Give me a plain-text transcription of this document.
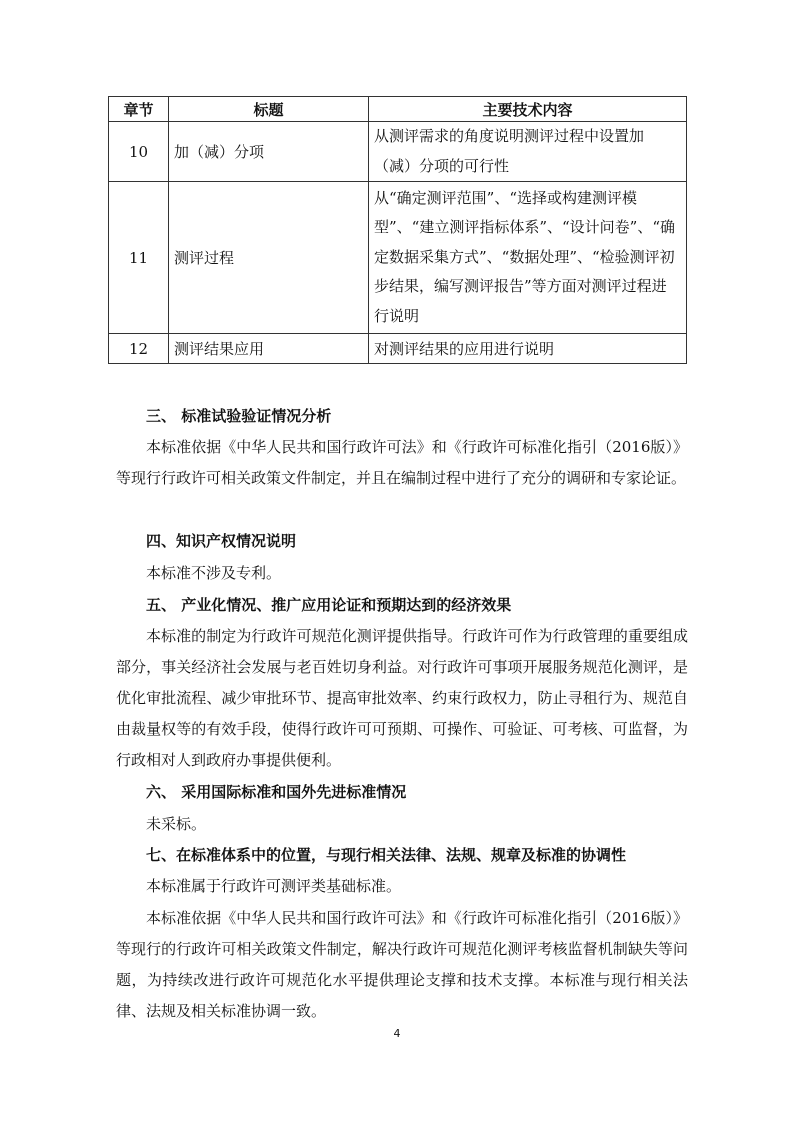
章节	标题	主要技术内容
10	加（减）分项	从测评需求的角度说明测评过程中设置加（减）分项的可行性
11	测评过程	从“确定测评范围”、“选择或构建测评模型”、“建立测评指标体系”、“设计问卷”、“确定数据采集方式”、“数据处理”、“检验测评初步结果，编写测评报告”等方面对测评过程进行说明
12	测评结果应用	对测评结果的应用进行说明

三、 标准试验验证情况分析

本标准依据《中华人民共和国行政许可法》和《行政许可标准化指引（2016版）》等现行行政许可相关政策文件制定，并且在编制过程中进行了充分的调研和专家论证。

四、知识产权情况说明

本标准不涉及专利。

五、 产业化情况、推广应用论证和预期达到的经济效果

本标准的制定为行政许可规范化测评提供指导。行政许可作为行政管理的重要组成部分，事关经济社会发展与老百姓切身利益。对行政许可事项开展服务规范化测评，是优化审批流程、减少审批环节、提高审批效率、约束行政权力，防止寻租行为、规范自由裁量权等的有效手段，使得行政许可可预期、可操作、可验证、可考核、可监督，为行政相对人到政府办事提供便利。

六、 采用国际标准和国外先进标准情况

未采标。

七、在标准体系中的位置，与现行相关法律、法规、规章及标准的协调性

本标准属于行政许可测评类基础标准。

本标准依据《中华人民共和国行政许可法》和《行政许可标准化指引（2016版）》等现行的行政许可相关政策文件制定，解决行政许可规范化测评考核监督机制缺失等问题，为持续改进行政许可规范化水平提供理论支撑和技术支撑。本标准与现行相关法律、法规及相关标准协调一致。

4
